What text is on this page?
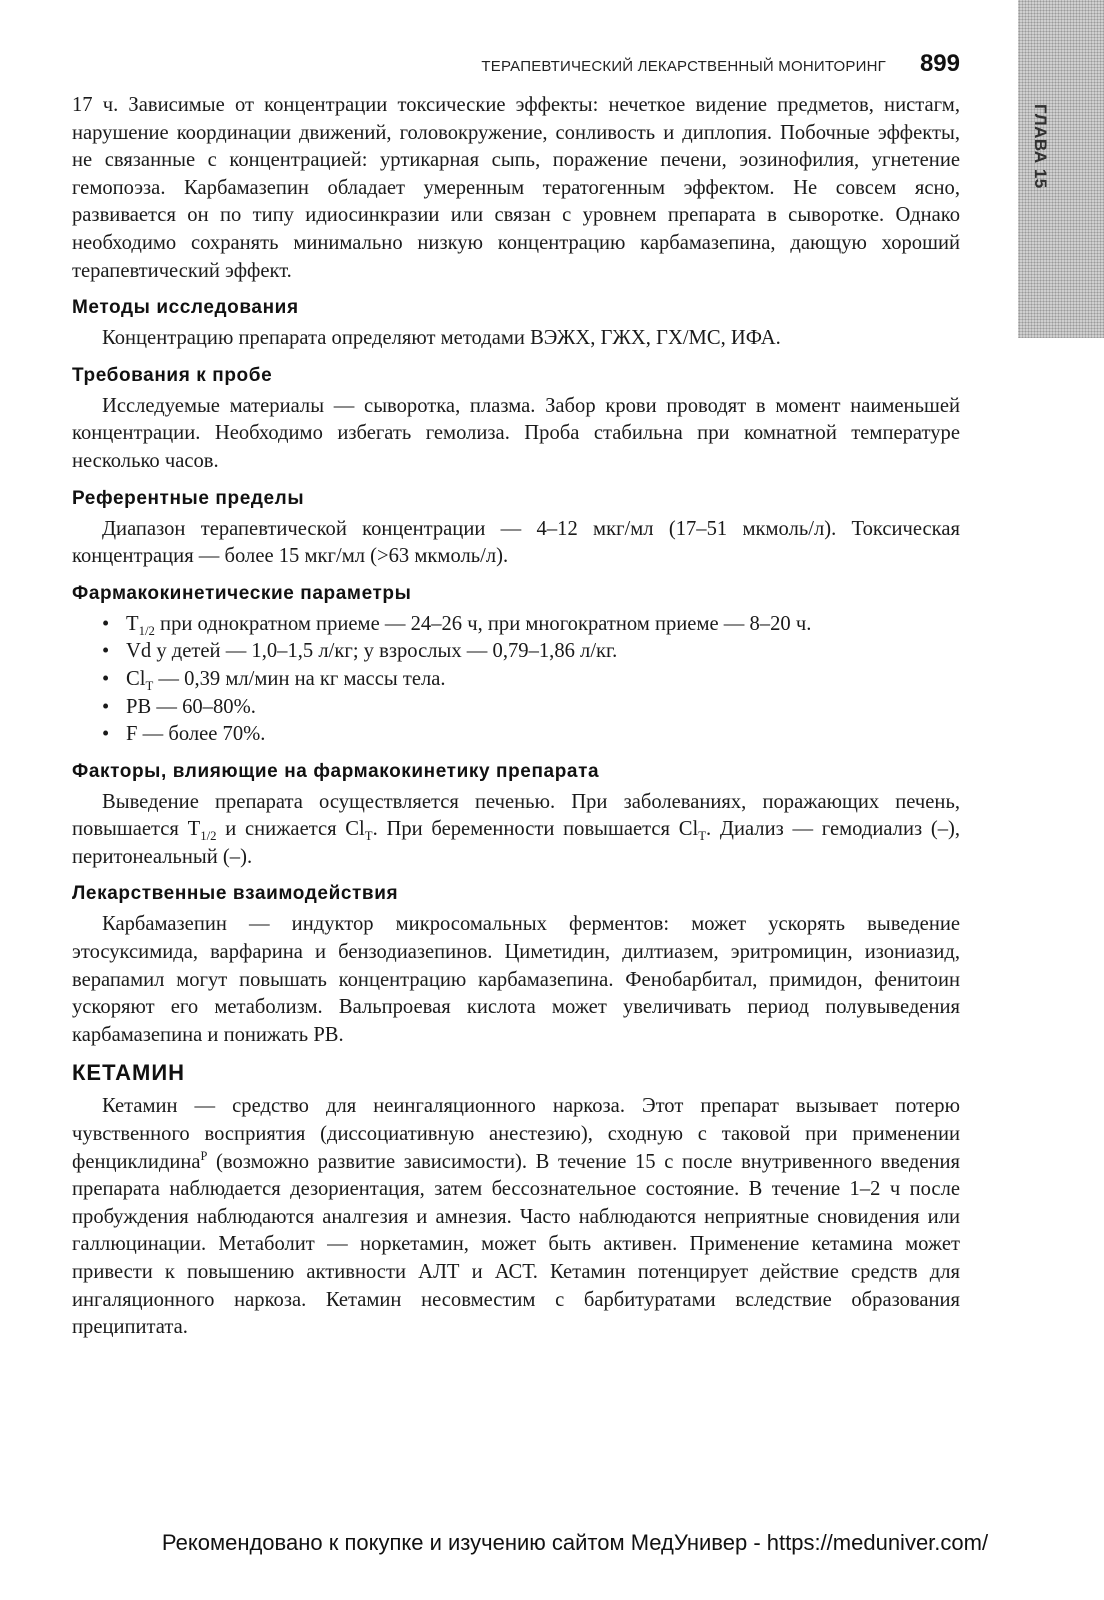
ГЛАВА 15
ТЕРАПЕВТИЧЕСКИЙ ЛЕКАРСТВЕННЫЙ МОНИТОРИНГ 899

17 ч. Зависимые от концентрации токсические эффекты: нечеткое видение предметов, нистагм, нарушение координации движений, головокружение, сонливость и диплопия. Побочные эффекты, не связанные с концентрацией: уртикарная сыпь, поражение печени, эозинофилия, угнетение гемопоэза. Карбамазепин обладает умеренным тератогенным эффектом. Не совсем ясно, развивается он по типу идиосинкразии или связан с уровнем препарата в сыворотке. Однако необходимо сохранять минимально низкую концентрацию карбамазепина, дающую хороший терапевтический эффект.

Методы исследования

Концентрацию препарата определяют методами ВЭЖХ, ГЖХ, ГХ/МС, ИФА.

Требования к пробе

Исследуемые материалы — сыворотка, плазма. Забор крови проводят в момент наименьшей концентрации. Необходимо избегать гемолиза. Проба стабильна при комнатной температуре несколько часов.

Референтные пределы

Диапазон терапевтической концентрации — 4–12 мкг/мл (17–51 мкмоль/л). Токсическая концентрация — более 15 мкг/мл (>63 мкмоль/л).

Фармакокинетические параметры
• $T_{1/2}$ при однократном приеме — 24–26 ч, при многократном приеме — 8–20 ч.
• Vd у детей — 1,0–1,5 л/кг; у взрослых — 0,79–1,86 л/кг.
• $Cl_T$ — 0,39 мл/мин на кг массы тела.
• PB — 60–80%.
• F — более 70%.
Факторы, влияющие на фармакокинетику препарата

Выведение препарата осуществляется печенью. При заболеваниях, поражающих печень, повышается $T_{1/2}$ и снижается $Cl_T$. При беременности повышается $Cl_T$. Диализ — гемодиализ (–), перитонеальный (–).

Лекарственные взаимодействия

Карбамазепин — индуктор микросомальных ферментов: может ускорять выведение этосуксимида, варфарина и бензодиазепинов. Циметидин, дилтиазем, эритромицин, изониазид, верапамил могут повышать концентрацию карбамазепина. Фенобарбитал, примидон, фенитоин ускоряют его метаболизм. Вальпроевая кислота может увеличивать период полувыведения карбамазепина и понижать PB.

КЕТАМИН

Кетамин — средство для неингаляционного наркоза. Этот препарат вызывает потерю чувственного восприятия (диссоциативную анестезию), сходную с таковой при применении фенциклидина$^Р$ (возможно развитие зависимости). В течение 15 с после внутривенного введения препарата наблюдается дезориентация, затем бессознательное состояние. В течение 1–2 ч после пробуждения наблюдаются аналгезия и амнезия. Часто наблюдаются неприятные сновидения или галлюцинации. Метаболит — норкетамин, может быть активен. Применение кетамина может привести к повышению активности АЛТ и АСТ. Кетамин потенцирует действие средств для ингаляционного наркоза. Кетамин несовместим с барбитуратами вследствие образования преципитата.

Рекомендовано к покупке и изучению сайтом МедУнивер - https://meduniver.com/
